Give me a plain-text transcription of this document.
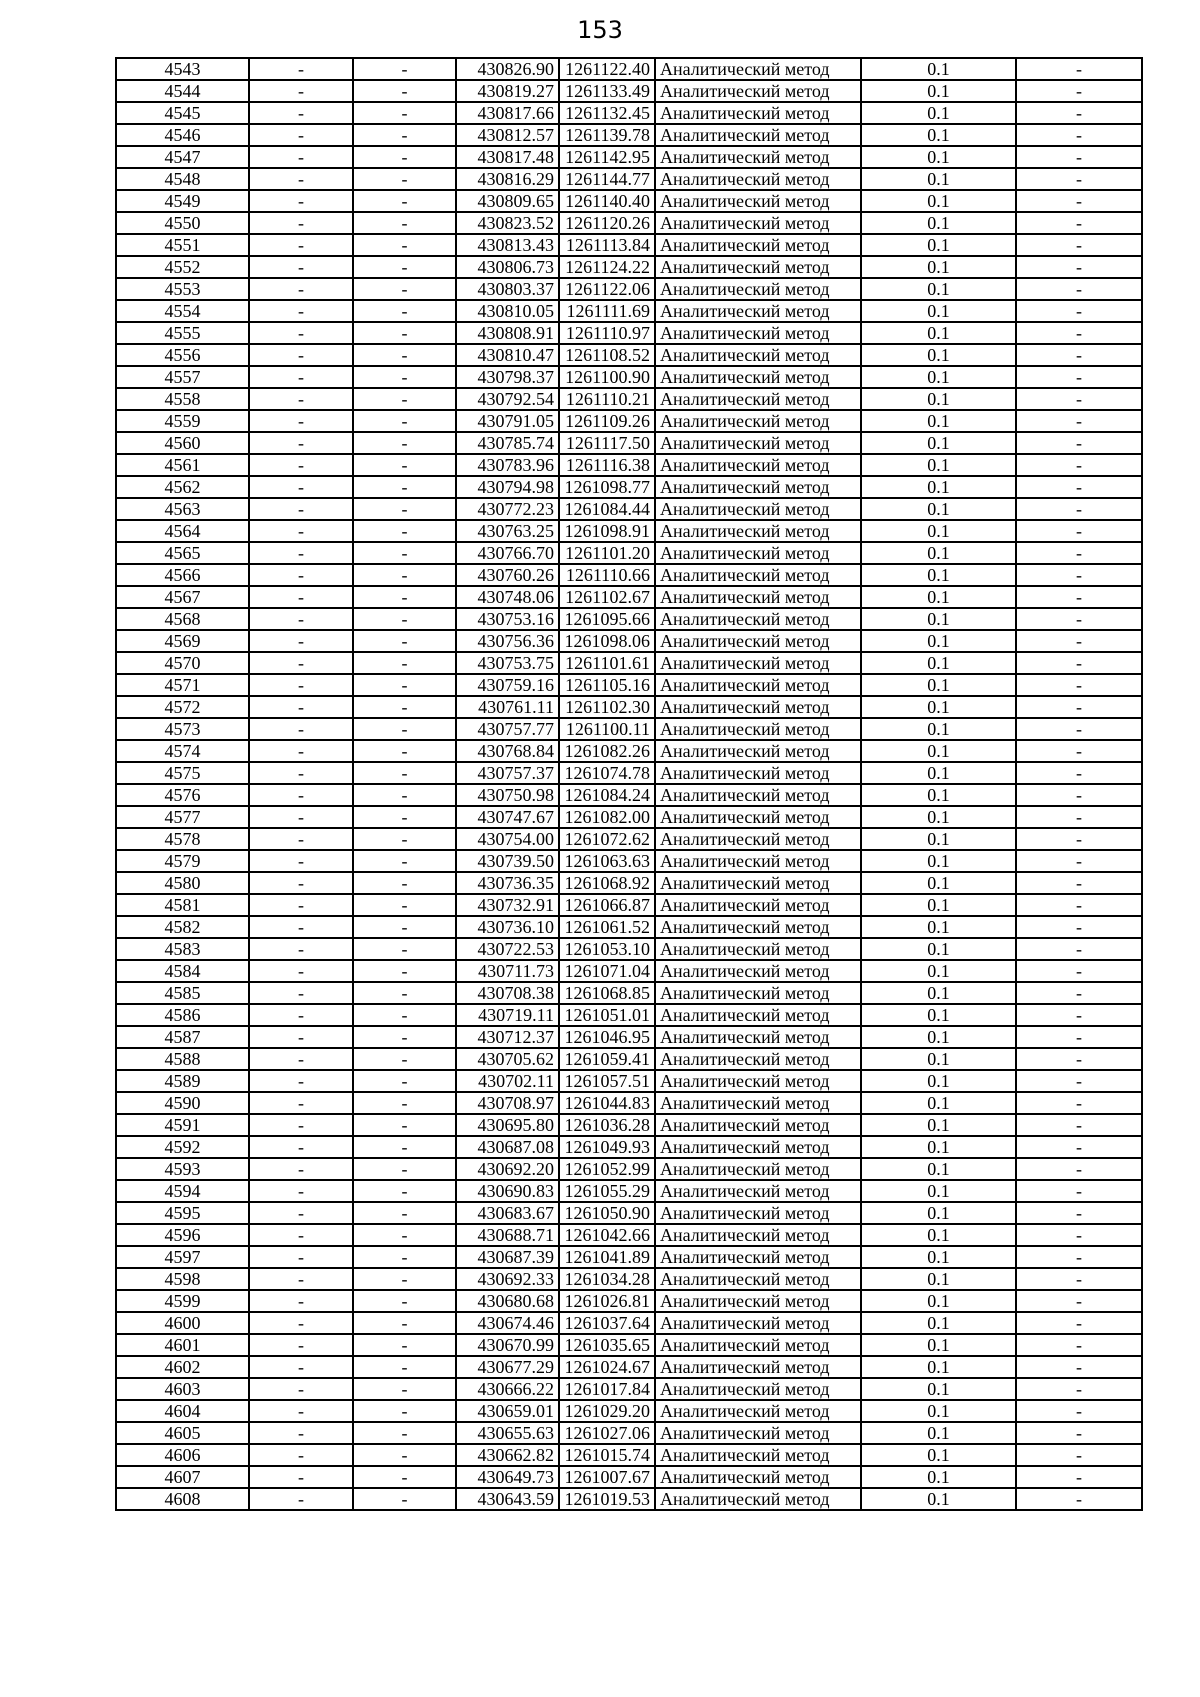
153
4543	-	-	430826.90	1261122.40	Аналитический метод	0.1	-
4544	-	-	430819.27	1261133.49	Аналитический метод	0.1	-
4545	-	-	430817.66	1261132.45	Аналитический метод	0.1	-
4546	-	-	430812.57	1261139.78	Аналитический метод	0.1	-
4547	-	-	430817.48	1261142.95	Аналитический метод	0.1	-
4548	-	-	430816.29	1261144.77	Аналитический метод	0.1	-
4549	-	-	430809.65	1261140.40	Аналитический метод	0.1	-
4550	-	-	430823.52	1261120.26	Аналитический метод	0.1	-
4551	-	-	430813.43	1261113.84	Аналитический метод	0.1	-
4552	-	-	430806.73	1261124.22	Аналитический метод	0.1	-
4553	-	-	430803.37	1261122.06	Аналитический метод	0.1	-
4554	-	-	430810.05	1261111.69	Аналитический метод	0.1	-
4555	-	-	430808.91	1261110.97	Аналитический метод	0.1	-
4556	-	-	430810.47	1261108.52	Аналитический метод	0.1	-
4557	-	-	430798.37	1261100.90	Аналитический метод	0.1	-
4558	-	-	430792.54	1261110.21	Аналитический метод	0.1	-
4559	-	-	430791.05	1261109.26	Аналитический метод	0.1	-
4560	-	-	430785.74	1261117.50	Аналитический метод	0.1	-
4561	-	-	430783.96	1261116.38	Аналитический метод	0.1	-
4562	-	-	430794.98	1261098.77	Аналитический метод	0.1	-
4563	-	-	430772.23	1261084.44	Аналитический метод	0.1	-
4564	-	-	430763.25	1261098.91	Аналитический метод	0.1	-
4565	-	-	430766.70	1261101.20	Аналитический метод	0.1	-
4566	-	-	430760.26	1261110.66	Аналитический метод	0.1	-
4567	-	-	430748.06	1261102.67	Аналитический метод	0.1	-
4568	-	-	430753.16	1261095.66	Аналитический метод	0.1	-
4569	-	-	430756.36	1261098.06	Аналитический метод	0.1	-
4570	-	-	430753.75	1261101.61	Аналитический метод	0.1	-
4571	-	-	430759.16	1261105.16	Аналитический метод	0.1	-
4572	-	-	430761.11	1261102.30	Аналитический метод	0.1	-
4573	-	-	430757.77	1261100.11	Аналитический метод	0.1	-
4574	-	-	430768.84	1261082.26	Аналитический метод	0.1	-
4575	-	-	430757.37	1261074.78	Аналитический метод	0.1	-
4576	-	-	430750.98	1261084.24	Аналитический метод	0.1	-
4577	-	-	430747.67	1261082.00	Аналитический метод	0.1	-
4578	-	-	430754.00	1261072.62	Аналитический метод	0.1	-
4579	-	-	430739.50	1261063.63	Аналитический метод	0.1	-
4580	-	-	430736.35	1261068.92	Аналитический метод	0.1	-
4581	-	-	430732.91	1261066.87	Аналитический метод	0.1	-
4582	-	-	430736.10	1261061.52	Аналитический метод	0.1	-
4583	-	-	430722.53	1261053.10	Аналитический метод	0.1	-
4584	-	-	430711.73	1261071.04	Аналитический метод	0.1	-
4585	-	-	430708.38	1261068.85	Аналитический метод	0.1	-
4586	-	-	430719.11	1261051.01	Аналитический метод	0.1	-
4587	-	-	430712.37	1261046.95	Аналитический метод	0.1	-
4588	-	-	430705.62	1261059.41	Аналитический метод	0.1	-
4589	-	-	430702.11	1261057.51	Аналитический метод	0.1	-
4590	-	-	430708.97	1261044.83	Аналитический метод	0.1	-
4591	-	-	430695.80	1261036.28	Аналитический метод	0.1	-
4592	-	-	430687.08	1261049.93	Аналитический метод	0.1	-
4593	-	-	430692.20	1261052.99	Аналитический метод	0.1	-
4594	-	-	430690.83	1261055.29	Аналитический метод	0.1	-
4595	-	-	430683.67	1261050.90	Аналитический метод	0.1	-
4596	-	-	430688.71	1261042.66	Аналитический метод	0.1	-
4597	-	-	430687.39	1261041.89	Аналитический метод	0.1	-
4598	-	-	430692.33	1261034.28	Аналитический метод	0.1	-
4599	-	-	430680.68	1261026.81	Аналитический метод	0.1	-
4600	-	-	430674.46	1261037.64	Аналитический метод	0.1	-
4601	-	-	430670.99	1261035.65	Аналитический метод	0.1	-
4602	-	-	430677.29	1261024.67	Аналитический метод	0.1	-
4603	-	-	430666.22	1261017.84	Аналитический метод	0.1	-
4604	-	-	430659.01	1261029.20	Аналитический метод	0.1	-
4605	-	-	430655.63	1261027.06	Аналитический метод	0.1	-
4606	-	-	430662.82	1261015.74	Аналитический метод	0.1	-
4607	-	-	430649.73	1261007.67	Аналитический метод	0.1	-
4608	-	-	430643.59	1261019.53	Аналитический метод	0.1	-
